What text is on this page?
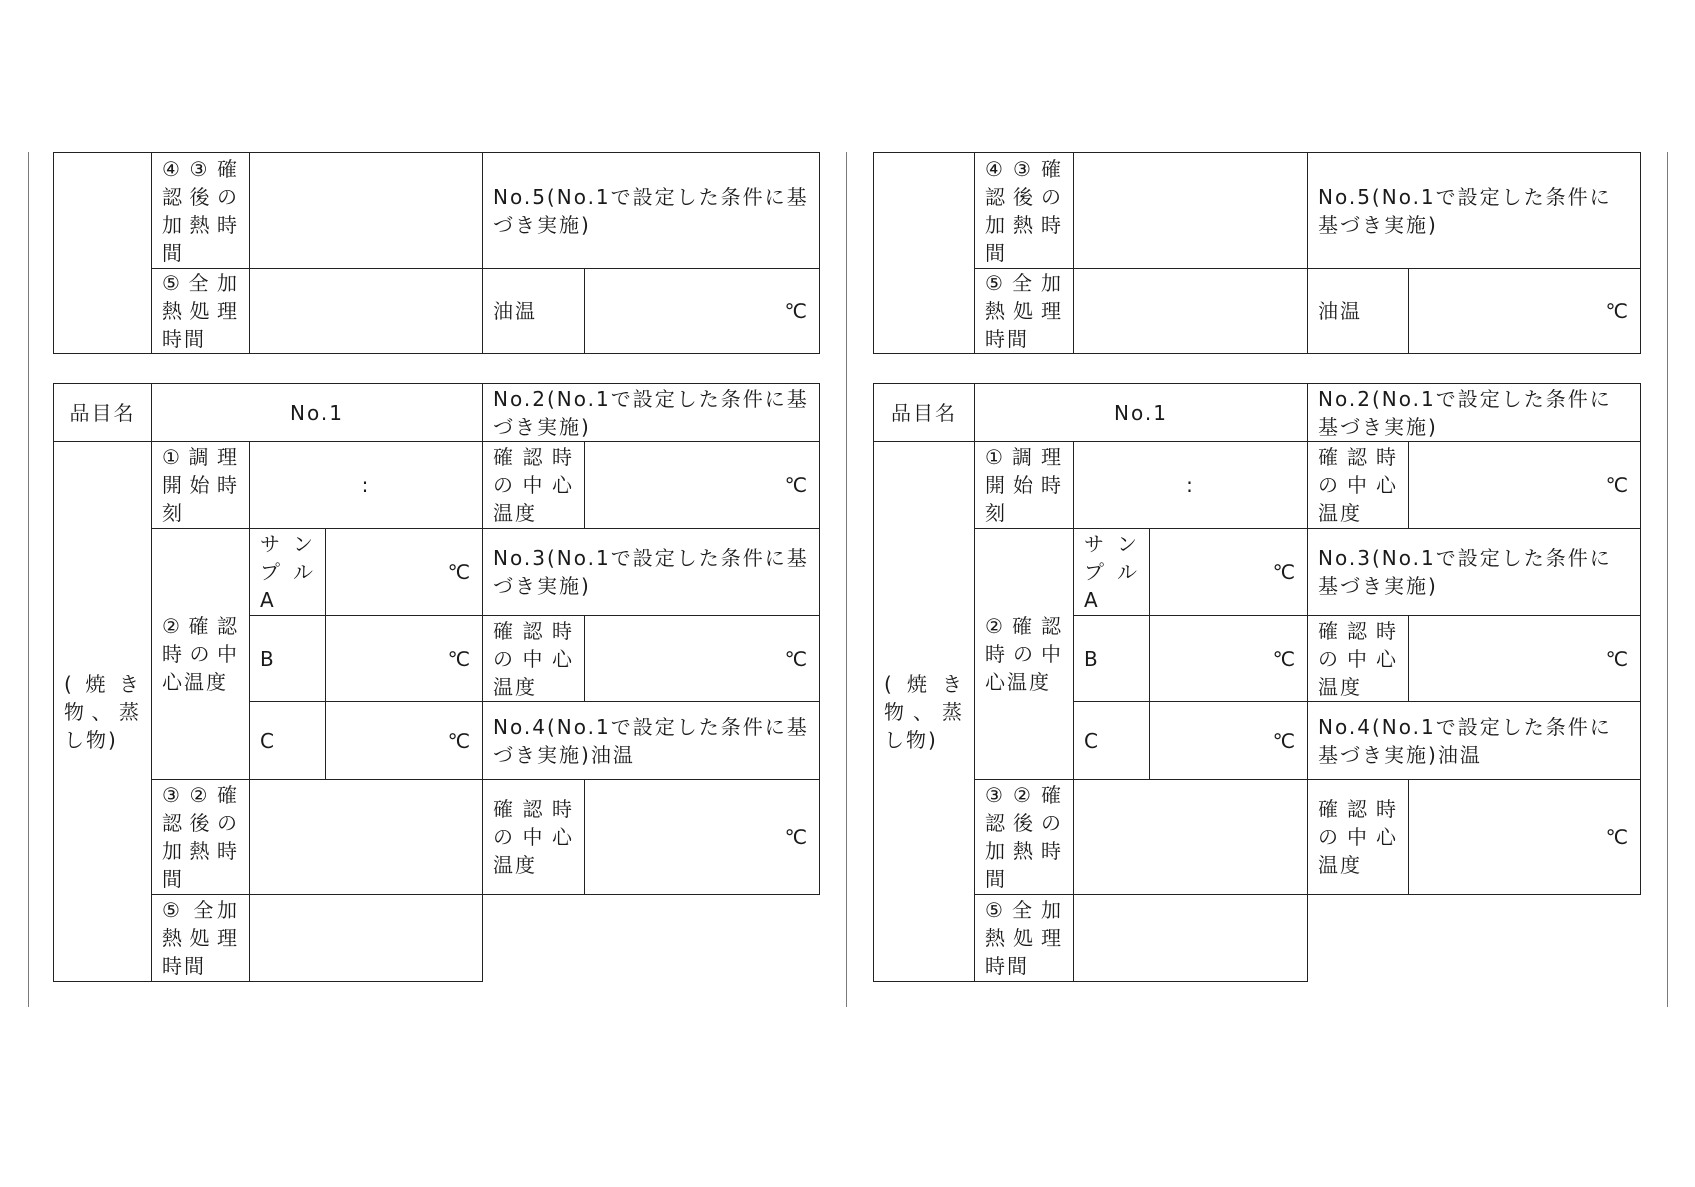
	④③確認後の加熱時間		No.5(No.1で設定した条件に基づき実施)	
	⑤全加熱処理時間		油温	℃
品目名	No.1			No.2(No.1で設定した条件に基づき実施)	
(焼き物、蒸し物)	①調理開始時刻	:		確認時の中心温度	℃
	②確認時の中心温度	サンプルA	℃	No.3(No.1で設定した条件に基づき実施)	
		B	℃	確認時の中心温度	℃
		C	℃	No.4(No.1で設定した条件に基づき実施)油温	
	③②確認後の加熱時間			確認時の中心温度	℃
	⑤ 全加熱処理時間				
	④③確認後の加熱時間		No.5(No.1で設定した条件に基づき実施)	
	⑤全加熱処理時間		油温	℃
品目名	No.1			No.2(No.1で設定した条件に基づき実施)	
(焼き物、蒸し物)	①調理開始時刻	:		確認時の中心温度	℃
	②確認時の中心温度	サンプルA	℃	No.3(No.1で設定した条件に基づき実施)	
		B	℃	確認時の中心温度	℃
		C	℃	No.4(No.1で設定した条件に基づき実施)油温	
	③②確認後の加熱時間			確認時の中心温度	℃
	⑤全加熱処理時間				
